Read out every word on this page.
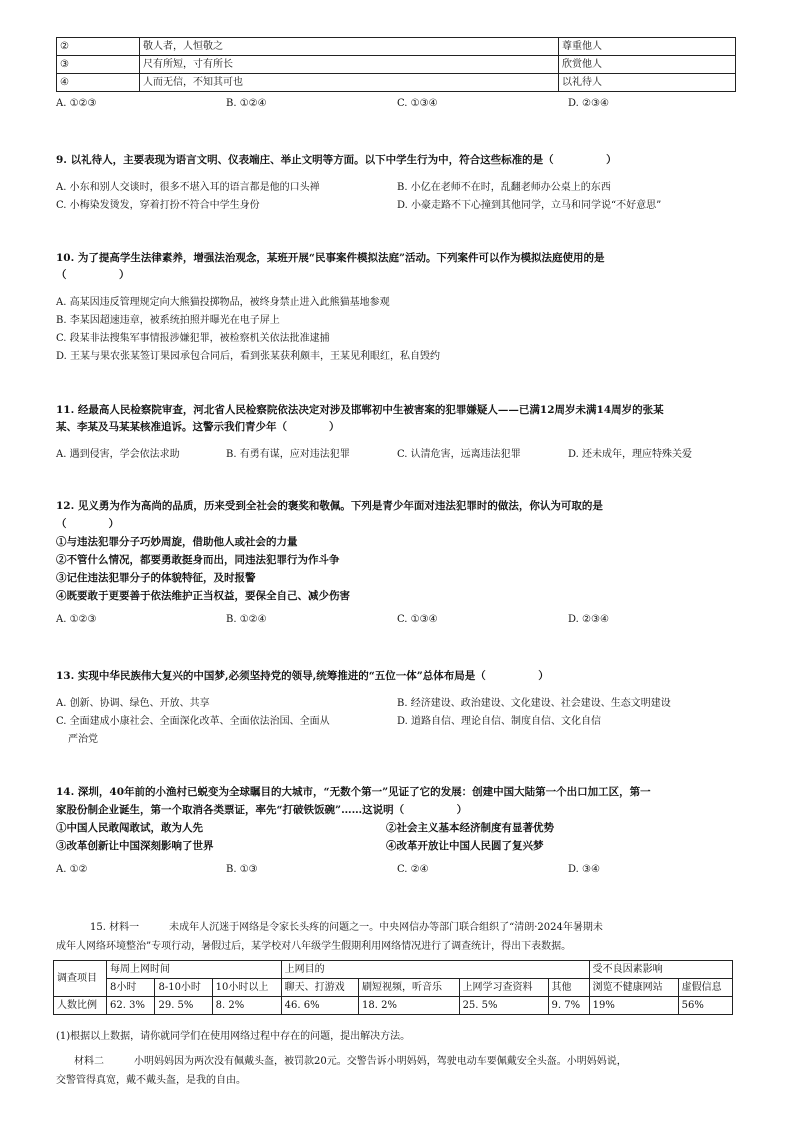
②	敬人者，人恒敬之	尊重他人
③	尺有所短，寸有所长	欣赏他人
④	人而无信，不知其可也	以礼待人
A. ①②③	B. ①②④	C. ①③④	D. ②③④
9. 以礼待人，主要表现为语言文明、仪表端庄、举止文明等方面。以下中学生行为中，符合这些标准的是（　　　　　）
A. 小东和别人交谈时，很多不堪入耳的语言都是他的口头禅	B. 小亿在老师不在时，乱翻老师办公桌上的东西
C. 小梅染发烫发，穿着打扮不符合中学生身份	D. 小豪走路不下心撞到其他同学，立马和同学说“不好意思”
10. 为了提高学生法律素养，增强法治观念，某班开展“民事案件模拟法庭”活动。下列案件可以作为模拟法庭使用的是
（　　　　　）
A. 高某因违反管理规定向大熊猫投掷物品，被终身禁止进入此熊猫基地参观
B. 李某因超速违章，被系统拍照并曝光在电子屏上
C. 段某非法搜集军事情报涉嫌犯罪，被检察机关依法批准逮捕
D. 王某与果农张某签订果园承包合同后，看到张某获利颇丰，王某见利眼红，私自毁约
11. 经最高人民检察院审查，河北省人民检察院依法决定对涉及邯郸初中生被害案的犯罪嫌疑人——已满12周岁未满14周岁的张某
某、李某及马某某核准追诉。这警示我们青少年（　　　　）
A. 遇到侵害，学会依法求助	B. 有勇有谋，应对违法犯罪	C. 认清危害，远离违法犯罪	D. 还未成年，理应特殊关爱
12. 见义勇为作为高尚的品质，历来受到全社会的褒奖和敬佩。下列是青少年面对违法犯罪时的做法，你认为可取的是
（　　　　）
①与违法犯罪分子巧妙周旋，借助他人或社会的力量
②不管什么情况，都要勇敢挺身而出，同违法犯罪行为作斗争
③记住违法犯罪分子的体貌特征，及时报警
④既要敢于更要善于依法维护正当权益，要保全自己、减少伤害
A. ①②③	B. ①②④	C. ①③④	D. ②③④
13. 实现中华民族伟大复兴的中国梦,必须坚持党的领导,统筹推进的“五位一体”总体布局是（　　　　　）
A. 创新、协调、绿色、开放、共享	B. 经济建设、政治建设、文化建设、社会建设、生态文明建设
C. 全面建成小康社会、全面深化改革、全面依法治国、全面从	D. 道路自信、理论自信、制度自信、文化自信
严治党
14. 深圳，40年前的小渔村已蜕变为全球瞩目的大城市，“无数个第一”见证了它的发展：创建中国大陆第一个出口加工区，第一
家股份制企业诞生，第一个取消各类票证，率先“打破铁饭碗”……这说明（　　　　　）
①中国人民敢闯敢试，敢为人先	②社会主义基本经济制度有显著优势
③改革创新让中国深刻影响了世界	④改革开放让中国人民圆了复兴梦
A. ①②	B. ①③	C. ②④	D. ③④
15. 材料一　　　未成年人沉迷于网络是令家长头疼的问题之一。中央网信办等部门联合组织了“清朗·2024年暑期未
成年人网络环境整治”专项行动，暑假过后，某学校对八年级学生假期利用网络情况进行了调查统计，得出下表数据。
调查项目	每周上网时间			上网目的				受不良因素影响	
	8小时	8-10小时	10小时以上	聊天、打游戏	刷短视频，听音乐	上网学习查资料	其他	浏览不健康网站	虚假信息
人数比例	62. 3%	29. 5%	8. 2%	46. 6%	18. 2%	25. 5%	9. 7%	19%	56%
(1)根据以上数据，请你就同学们在使用网络过程中存在的问题，提出解决方法。
材料二　　　小明妈妈因为两次没有佩戴头盔，被罚款20元。交警告诉小明妈妈，驾驶电动车要佩戴安全头盔。小明妈妈说，
交警管得真宽，戴不戴头盔，是我的自由。
